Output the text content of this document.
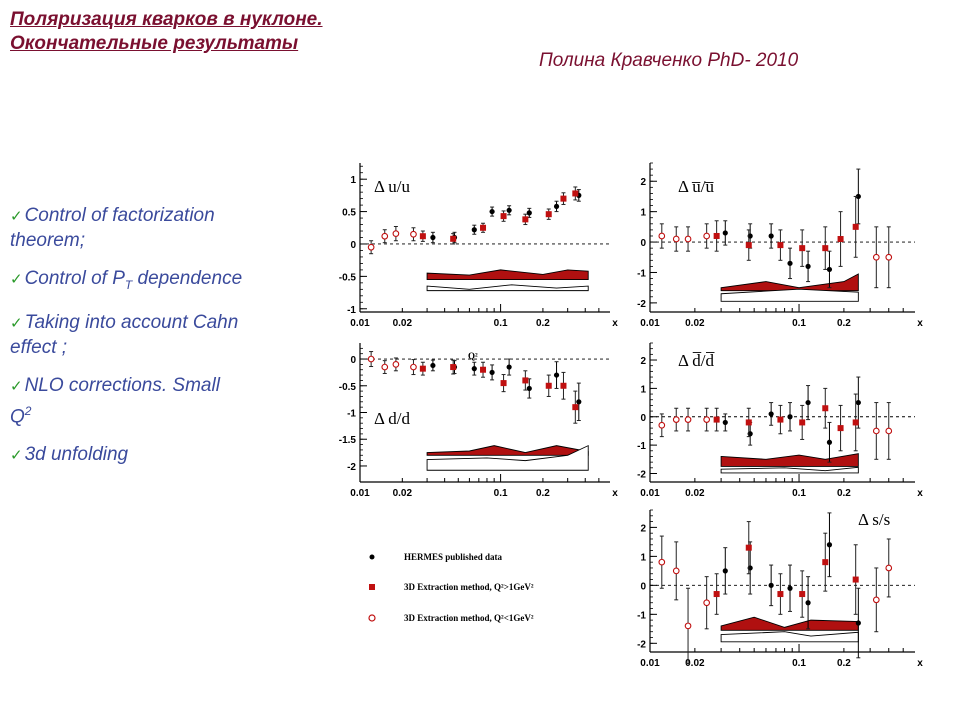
Поляризация кварков в нуклоне.
Окончательные результаты
Полина Кравченко PhD- 2010
✓ Control of factorization theorem;
✓ Control of $P_T$ dependence
✓ Taking into account Cahn effect ;
✓ NLO corrections. Small $Q^2$
✓ 3d unfolding
-1
-0.5
0
0.5
1
0.01 0.02	0.1	0.2	x
Δ u/u
-2
-1
0
1
2
0.01	0.02	0.1	0.2	x
Δ u̅/u̅
-2
-1.5
-1
-0.5
0
0.01 0.02	0.1	0.2	x
Δ d/d
Q²
-2
-1
0
1
2
0.01	0.02	0.1	0.2	x
Δ d̅/d̅
-2
-1
0
1
2
0.01	0.02	0.1	0.2	x
Δ s/s
HERMES published data
3D Extraction method, Q²>1GeV²
3D Extraction method, Q²<1GeV²
